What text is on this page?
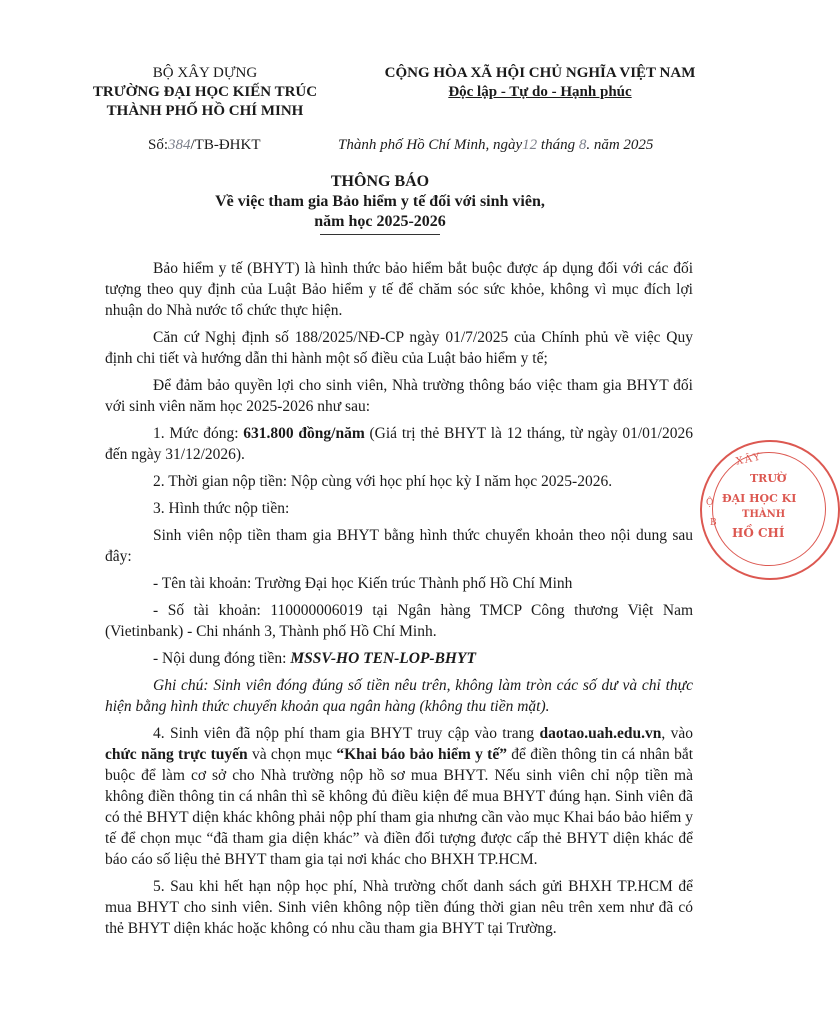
BỘ XÂY DỰNG
TRƯỜNG ĐẠI HỌC KIẾN TRÚC
THÀNH PHỐ HỒ CHÍ MINH
CỘNG HÒA XÃ HỘI CHỦ NGHĨA VIỆT NAM
Độc lập - Tự do - Hạnh phúc
Số:384/TB-ĐHKT	Thành phố Hồ Chí Minh, ngày12 tháng 8. năm 2025
THÔNG BÁO
Về việc tham gia Bảo hiểm y tế đối với sinh viên,
năm học 2025-2026

Bảo hiểm y tế (BHYT) là hình thức bảo hiểm bắt buộc được áp dụng đối với các đối tượng theo quy định của Luật Bảo hiểm y tế để chăm sóc sức khỏe, không vì mục đích lợi nhuận do Nhà nước tổ chức thực hiện.

Căn cứ Nghị định số 188/2025/NĐ-CP ngày 01/7/2025 của Chính phủ về việc Quy định chi tiết và hướng dẫn thi hành một số điều của Luật bảo hiểm y tế;

Để đảm bảo quyền lợi cho sinh viên, Nhà trường thông báo việc tham gia BHYT đối với sinh viên năm học 2025-2026 như sau:

1. Mức đóng: 631.800 đồng/năm (Giá trị thẻ BHYT là 12 tháng, từ ngày 01/01/2026 đến ngày 31/12/2026).

2. Thời gian nộp tiền: Nộp cùng với học phí học kỳ I năm học 2025-2026.

3. Hình thức nộp tiền:

Sinh viên nộp tiền tham gia BHYT bằng hình thức chuyển khoản theo nội dung sau đây:

- Tên tài khoản: Trường Đại học Kiến trúc Thành phố Hồ Chí Minh

- Số tài khoản: 110000006019 tại Ngân hàng TMCP Công thương Việt Nam (Vietinbank) - Chi nhánh 3, Thành phố Hồ Chí Minh.

- Nội dung đóng tiền: MSSV-HO TEN-LOP-BHYT

Ghi chú: Sinh viên đóng đúng số tiền nêu trên, không làm tròn các số dư và chỉ thực hiện bằng hình thức chuyển khoản qua ngân hàng (không thu tiền mặt).

4. Sinh viên đã nộp phí tham gia BHYT truy cập vào trang daotao.uah.edu.vn, vào chức năng trực tuyến và chọn mục “Khai báo bảo hiểm y tế” để điền thông tin cá nhân bắt buộc để làm cơ sở cho Nhà trường nộp hồ sơ mua BHYT. Nếu sinh viên chỉ nộp tiền mà không điền thông tin cá nhân thì sẽ không đủ điều kiện để mua BHYT đúng hạn. Sinh viên đã có thẻ BHYT diện khác không phải nộp phí tham gia nhưng cần vào mục Khai báo bảo hiểm y tế để chọn mục “đã tham gia diện khác” và điền đối tượng được cấp thẻ BHYT diện khác để báo cáo số liệu thẻ BHYT tham gia tại nơi khác cho BHXH TP.HCM.

5. Sau khi hết hạn nộp học phí, Nhà trường chốt danh sách gửi BHXH TP.HCM để mua BHYT cho sinh viên. Sinh viên không nộp tiền đúng thời gian nêu trên xem như đã có thẻ BHYT diện khác hoặc không có nhu cầu tham gia BHYT tại Trường.

XÂY
TRƯỜ
ĐẠI HỌC KI
THÀNH
HỒ CHÍ
Ộ
B
